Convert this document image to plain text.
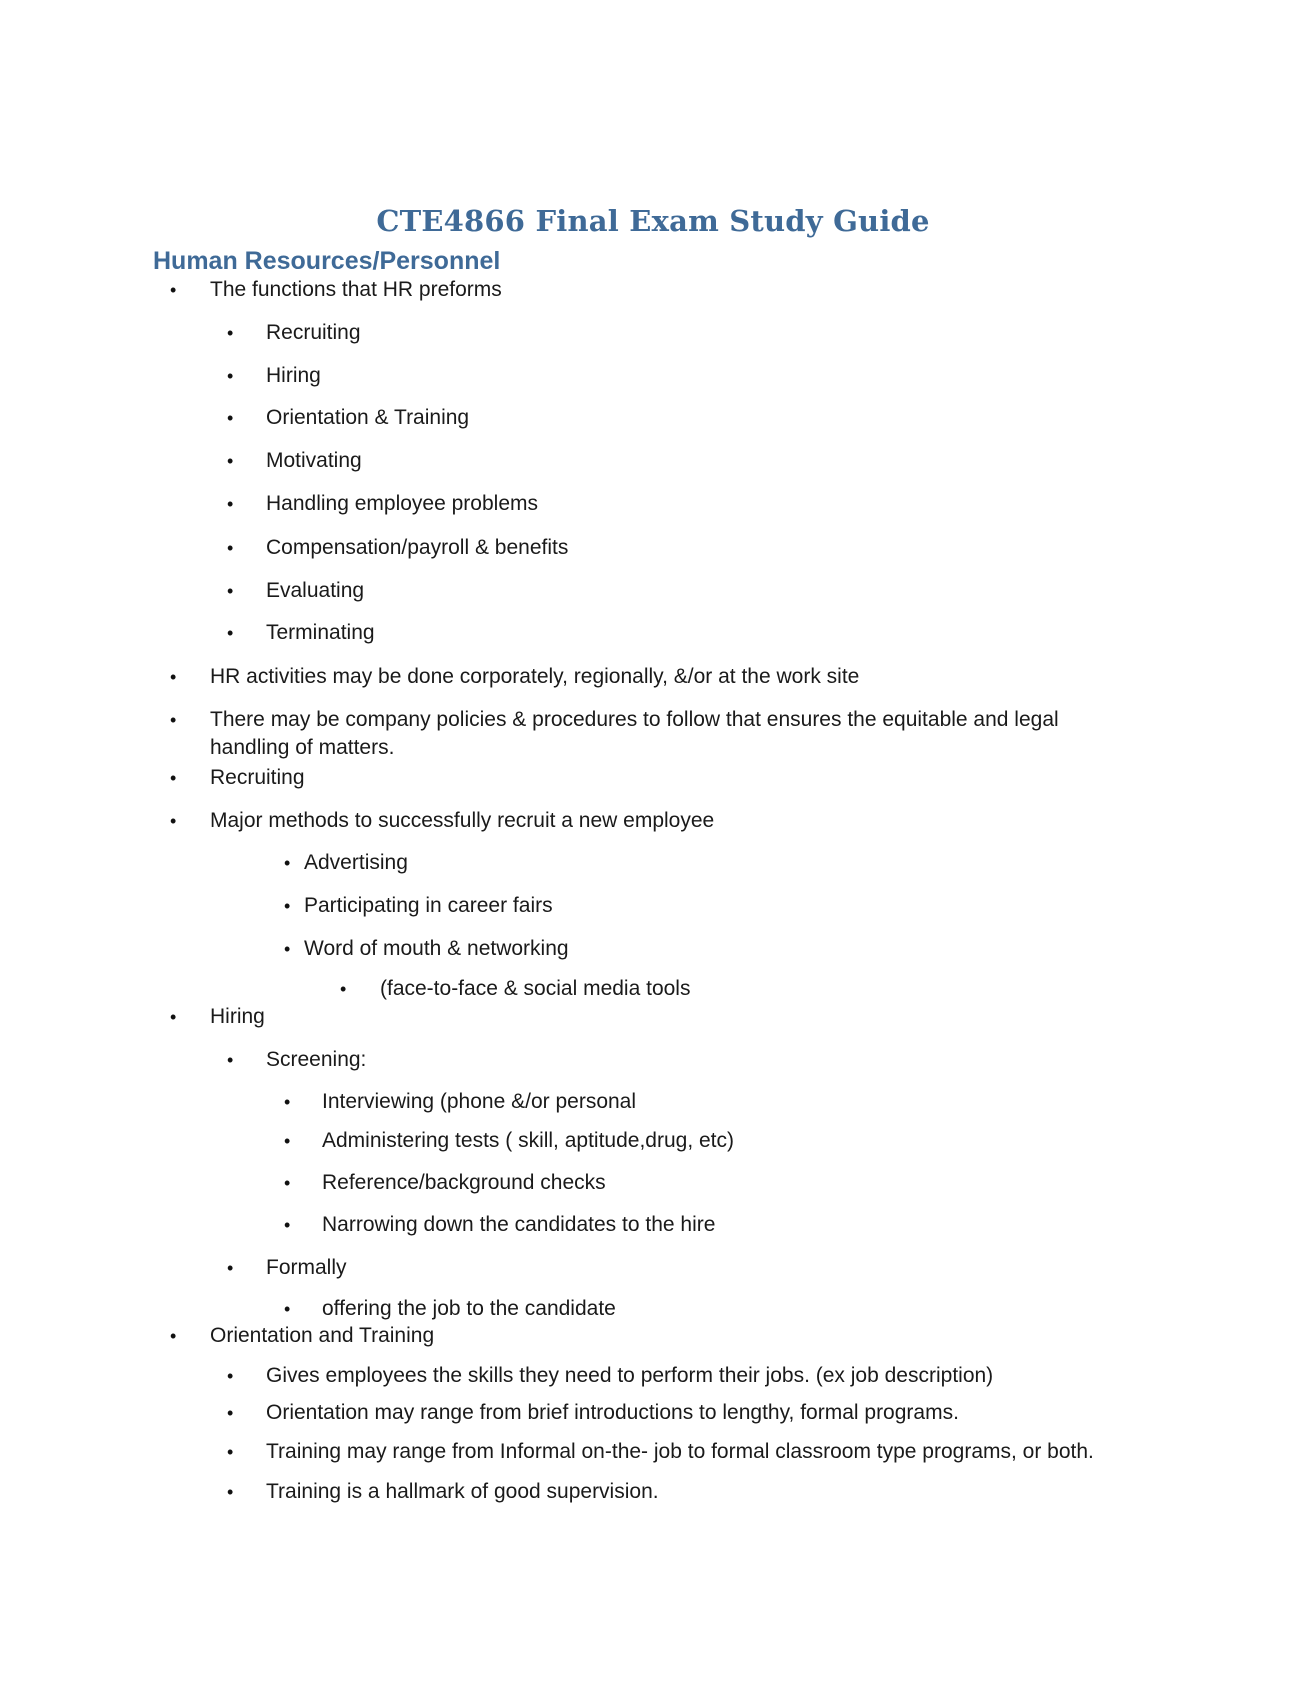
CTE4866 Final Exam Study Guide
Human Resources/Personnel
• The functions that HR preforms
• Recruiting
• Hiring
• Orientation & Training
• Motivating
• Handling employee problems
• Compensation/payroll & benefits
• Evaluating
• Terminating
• HR activities may be done corporately, regionally, &/or at the work site
• There may be company policies & procedures to follow that ensures the equitable and legal handling of matters.
• Recruiting
• Major methods to successfully recruit a new employee
• Advertising
• Participating in career fairs
• Word of mouth & networking
• (face-to-face & social media tools
• Hiring
• Screening:
• Interviewing (phone &/or personal
• Administering tests ( skill, aptitude,drug, etc)
• Reference/background checks
• Narrowing down the candidates to the hire
• Formally
• offering the job to the candidate
• Orientation and Training
• Gives employees the skills they need to perform their jobs. (ex job description)
• Orientation may range from brief introductions to lengthy, formal programs.
• Training may range from Informal on-the- job to formal classroom type programs, or both.
• Training is a hallmark of good supervision.
